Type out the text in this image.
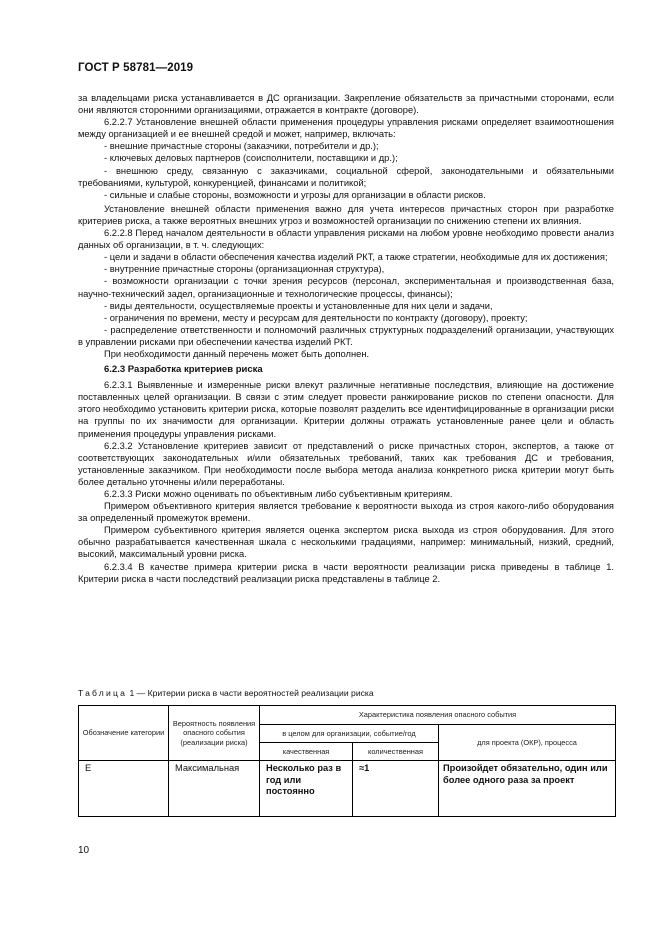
ГОСТ Р 58781—2019

за владельцами риска устанавливается в ДС организации. Закрепление обязательств за причастными сторонами, если они являются сторонними организациями, отражается в контракте (договоре).

6.2.2.7 Установление внешней области применения процедуры управления рисками определяет взаимоотношения между организацией и ее внешней средой и может, например, включать:

- внешние причастные стороны (заказчики, потребители и др.);

- ключевых деловых партнеров (соисполнители, поставщики и др.);

- внешнюю среду, связанную с заказчиками, социальной сферой, законодательными и обязательными требованиями, культурой, конкуренцией, финансами и политикой;

- сильные и слабые стороны, возможности и угрозы для организации в области рисков.

Установление внешней области применения важно для учета интересов причастных сторон при разработке критериев риска, а также вероятных внешних угроз и возможностей организации по снижению степени их влияния.

6.2.2.8 Перед началом деятельности в области управления рисками на любом уровне необходимо провести анализ данных об организации, в т. ч. следующих:

- цели и задачи в области обеспечения качества изделий РКТ, а также стратегии, необходимые для их достижения;

- внутренние причастные стороны (организационная структура),

- возможности организации с точки зрения ресурсов (персонал, экспериментальная и производственная база, научно-технический задел, организационные и технологические процессы, финансы);

- виды деятельности, осуществляемые проекты и установленные для них цели и задачи,

- ограничения по времени, месту и ресурсам для деятельности по контракту (договору), проекту;

- распределение ответственности и полномочий различных структурных подразделений организации, участвующих в управлении рисками при обеспечении качества изделий РКТ.

При необходимости данный перечень может быть дополнен.

6.2.3 Разработка критериев риска

6.2.3.1 Выявленные и измеренные риски влекут различные негативные последствия, влияющие на достижение поставленных целей организации. В связи с этим следует провести ранжирование рисков по степени опасности. Для этого необходимо установить критерии риска, которые позволят разделить все идентифицированные в организации риски на группы по их значимости для организации. Критерии должны отражать установленные ранее цели и область применения процедуры управления рисками.

6.2.3.2 Установление критериев зависит от представлений о риске причастных сторон, экспертов, а также от соответствующих законодательных и/или обязательных требований, таких как требования ДС и требования, установленные заказчиком. При необходимости после выбора метода анализа конкретного риска критерии могут быть более детально уточнены и/или переработаны.

6.2.3.3 Риски можно оценивать по объективным либо субъективным критериям.

Примером объективного критерия является требование к вероятности выхода из строя какого-либо оборудования за определенный промежуток времени.

Примером субъективного критерия является оценка экспертом риска выхода из строя оборудования. Для этого обычно разрабатывается качественная шкала с несколькими градациями, например: минимальный, низкий, средний, высокий, максимальный уровни риска.

6.2.3.4 В качестве примера критерии риска в части вероятности реализации риска приведены в таблице 1. Критерии риска в части последствий реализации риска представлены в таблице 2.

Таблица 1 — Критерии риска в части вероятностей реализации риска
Обозначение категории	Вероятность появления опасного события (реализации риска)	Характеристика появления опасного события		
		в целом для организации, событие/год		для проекта (ОКР), процесса
		качественная	количественная	
Е	Максимальная	Несколько раз в год или постоянно	≈1	Произойдет обязательно, один или более одного раза за проект
10
